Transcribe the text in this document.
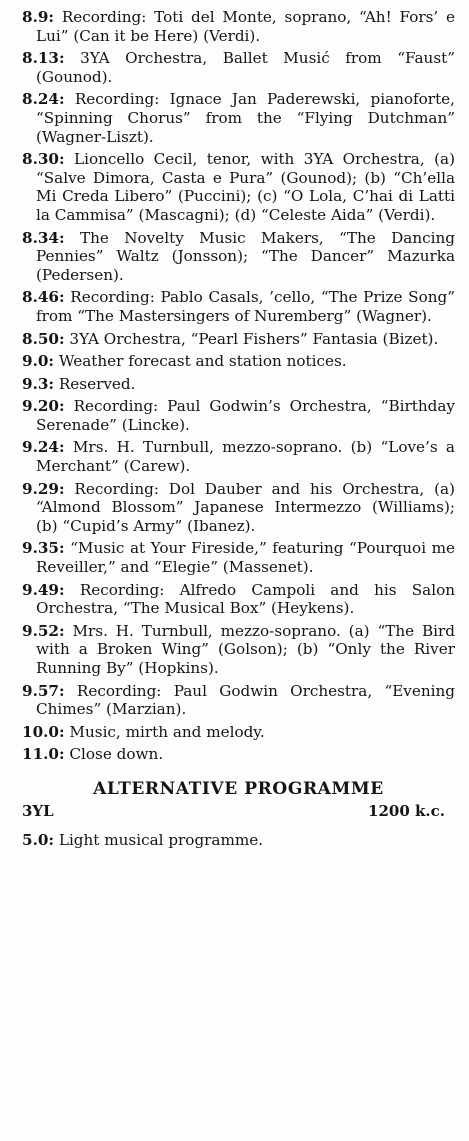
8.9: Recording: Toti del Monte, soprano, “Ah! Fors’ e Lui” (Can it be Here) (Verdi).

8.13: 3YA Orchestra, Ballet Musić from “Faust” (Gounod).

8.24: Recording: Ignace Jan Paderewski, pianoforte, “Spinning Chorus” from the “Flying Dutchman” (Wagner-Liszt).

8.30: Lioncello Cecil, tenor, with 3YA Orchestra, (a) “Salve Dimora, Casta e Pura” (Gounod); (b) “Ch’ella Mi Creda Libero” (Puccini); (c) “O Lola, C’hai di Latti la Cammisa” (Mascagni); (d) “Celeste Aida” (Verdi).

8.34: The Novelty Music Makers, “The Dancing Pennies” Waltz (Jonsson); “The Dancer” Mazurka (Pedersen).

8.46: Recording: Pablo Casals, ’cello, “The Prize Song” from “The Mastersingers of Nuremberg” (Wagner).

8.50: 3YA Orchestra, “Pearl Fishers” Fantasia (Bizet).

9.0: Weather forecast and station notices.

9.3: Reserved.

9.20: Recording: Paul Godwin’s Orchestra, “Birthday Serenade” (Lincke).

9.24: Mrs. H. Turnbull, mezzo-soprano. (b) “Love’s a Merchant” (Carew).

9.29: Recording: Dol Dauber and his Orchestra, (a) “Almond Blossom” Japanese Intermezzo (Williams); (b) “Cupid’s Army” (Ibanez).

9.35: “Music at Your Fireside,” featuring “Pourquoi me Reveiller,” and “Elegie” (Massenet).

9.49: Recording: Alfredo Campoli and his Salon Orchestra, “The Musical Box” (Heykens).

9.52: Mrs. H. Turnbull, mezzo-soprano. (a) “The Bird with a Broken Wing” (Golson); (b) “Only the River Running By” (Hopkins).

9.57: Recording: Paul Godwin Orchestra, “Evening Chimes” (Marzian).

10.0: Music, mirth and melody.

11.0: Close down.

ALTERNATIVE PROGRAMME
3YL	1200 k.c.

5.0: Light musical programme.
